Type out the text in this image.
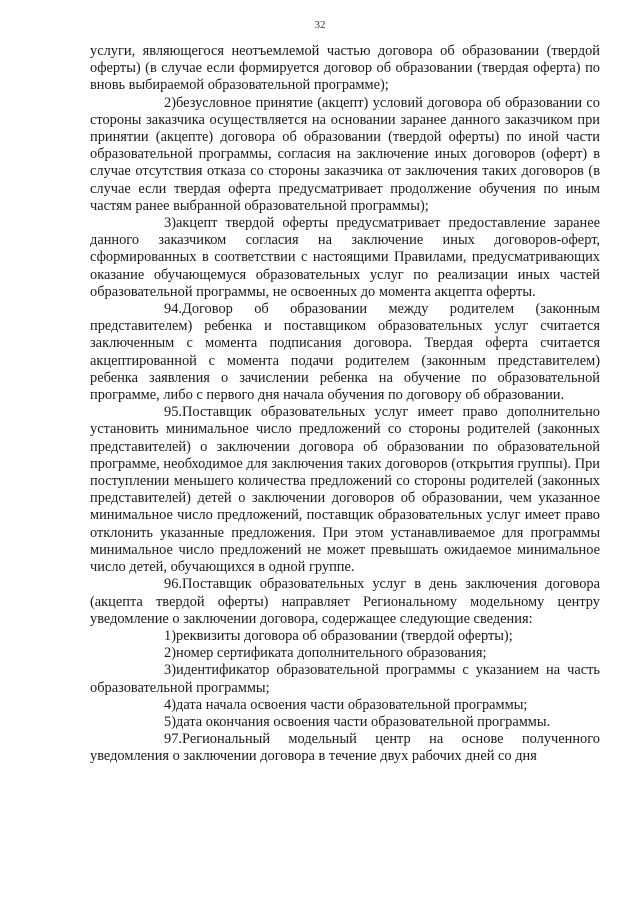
32

услуги, являющегося неотъемлемой частью договора об образовании (твердой оферты) (в случае если формируется договор об образовании (твердая оферта) по вновь выбираемой образовательной программе);

2)безусловное принятие (акцепт) условий договора об образовании со стороны заказчика осуществляется на основании заранее данного заказчиком при принятии (акцепте) договора об образовании (твердой оферты) по иной части образовательной программы, согласия на заключение иных договоров (оферт) в случае отсутствия отказа со стороны заказчика от заключения таких договоров (в случае если твердая оферта предусматривает продолжение обучения по иным частям ранее выбранной образовательной программы);

3)акцепт твердой оферты предусматривает предоставление заранее данного заказчиком согласия на заключение иных договоров-оферт, сформированных в соответствии с настоящими Правилами, предусматривающих оказание обучающемуся образовательных услуг по реализации иных частей образовательной программы, не освоенных до момента акцепта оферты.

94.Договор об образовании между родителем (законным представителем) ребенка и поставщиком образовательных услуг считается заключенным с момента подписания договора. Твердая оферта считается акцептированной с момента подачи родителем (законным представителем) ребенка заявления о зачислении ребенка на обучение по образовательной программе, либо с первого дня начала обучения по договору об образовании.

95.Поставщик образовательных услуг имеет право дополнительно установить минимальное число предложений со стороны родителей (законных представителей) о заключении договора об образовании по образовательной программе, необходимое для заключения таких договоров (открытия группы). При поступлении меньшего количества предложений со стороны родителей (законных представителей) детей о заключении договоров об образовании, чем указанное минимальное число предложений, поставщик образовательных услуг имеет право отклонить указанные предложения. При этом устанавливаемое для программы минимальное число предложений не может превышать ожидаемое минимальное число детей, обучающихся в одной группе.

96.Поставщик образовательных услуг в день заключения договора (акцепта твердой оферты) направляет Региональному модельному центру уведомление о заключении договора, содержащее следующие сведения:

1)реквизиты договора об образовании (твердой оферты);

2)номер сертификата дополнительного образования;

3)идентификатор образовательной программы с указанием на часть образовательной программы;

4)дата начала освоения части образовательной программы;

5)дата окончания освоения части образовательной программы.

97.Региональный модельный центр на основе полученного уведомления о заключении договора в течение двух рабочих дней со дня
